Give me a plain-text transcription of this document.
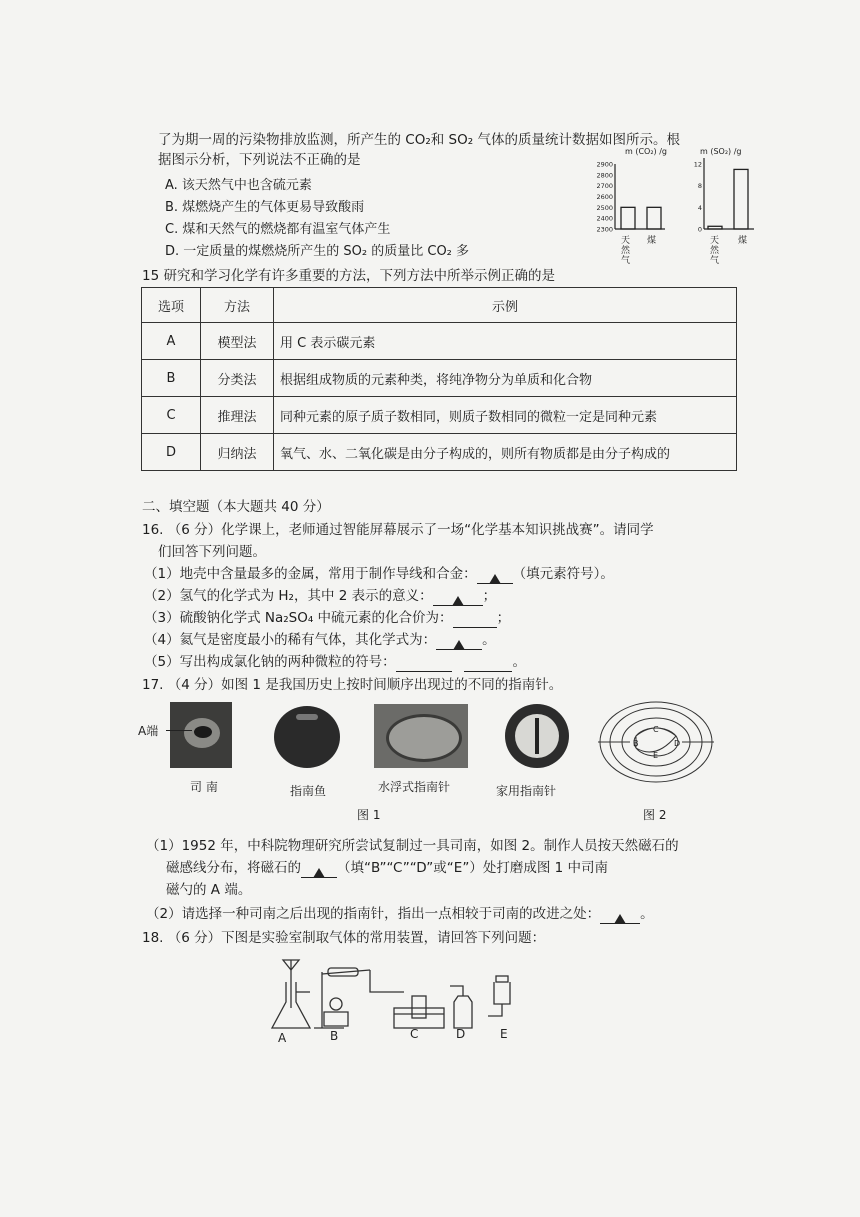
了为期一周的污染物排放监测，所产生的 CO₂和 SO₂ 气体的质量统计数据如图所示。根
据图示分析，下列说法不正确的是
A. 该天然气中也含硫元素
B. 煤燃烧产生的气体更易导致酸雨
C. 煤和天然气的燃烧都有温室气体产生
D. 一定质量的煤燃烧所产生的 SO₂ 的质量比 CO₂ 多
m (CO₂) /g
2900
2800
2700
2600
2500
2400
2300
天
然
气
煤
m (SO₂) /g
12
8
4
0
天
然
气
煤
15 研究和学习化学有许多重要的方法，下列方法中所举示例正确的是
选项	方法	示例
A	模型法	用 C 表示碳元素
B	分类法	根据组成物质的元素种类，将纯净物分为单质和化合物
C	推理法	同种元素的原子质子数相同，则质子数相同的微粒一定是同种元素
D	归纳法	氧气、水、二氧化碳是由分子构成的，则所有物质都是由分子构成的
二、填空题（本大题共 40 分）
16. （6 分）化学课上，老师通过智能屏幕展示了一场“化学基本知识挑战赛”。请同学
们回答下列问题。
（1）地壳中含量最多的金属，常用于制作导线和合金：	（填元素符号）。
（2）氢气的化学式为 H₂，其中 2 表示的意义：	；
（3）硫酸钠化学式 Na₂SO₄ 中硫元素的化合价为：	；
（4）氦气是密度最小的稀有气体，其化学式为：	。
（5）写出构成氯化钠的两种微粒的符号：	。
17. （4 分）如图 1 是我国历史上按时间顺序出现过的不同的指南针。
A端
B
C
D
E
司 南	指南鱼	水浮式指南针	家用指南针
图 1	图 2
（1）1952 年，中科院物理研究所尝试复制过一具司南，如图 2。制作人员按天然磁石的
磁感线分布，将磁石的	（填“B”“C”“D”或“E”）处打磨成图 1 中司南
磁勺的 A 端。
（2）请选择一种司南之后出现的指南针，指出一点相较于司南的改进之处：	。
18. （6 分）下图是实验室制取气体的常用装置，请回答下列问题：
A	B	C	D	E
